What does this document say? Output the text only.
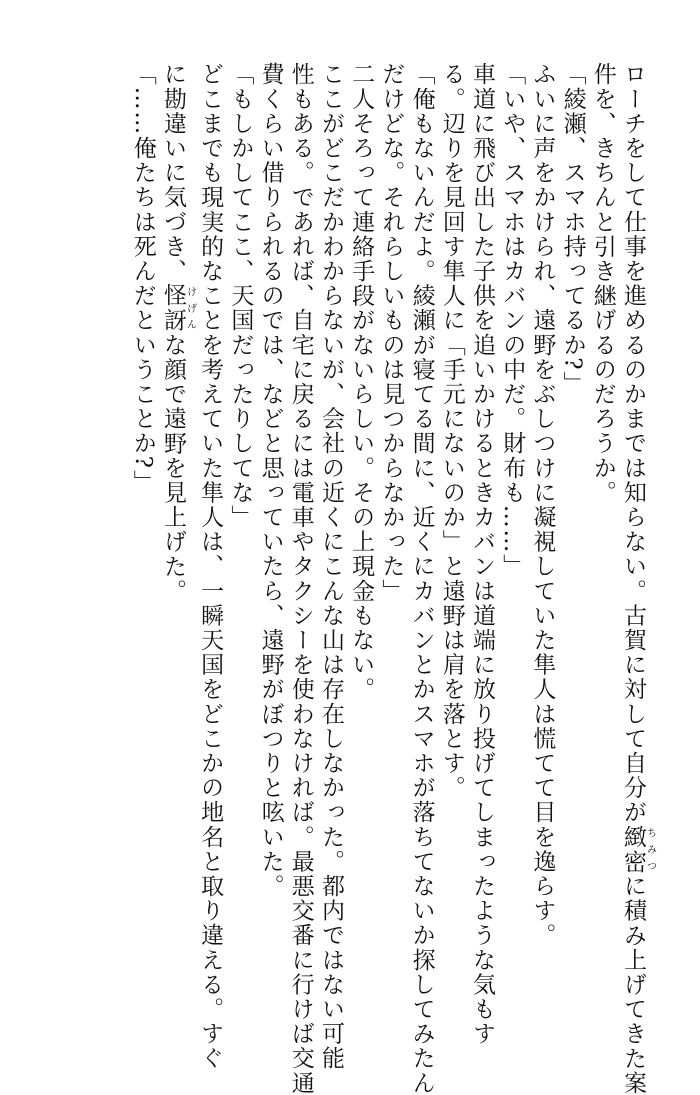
ローチをして仕事を進めるのかまでは知らない。古賀に対して自分が緻密ちみつに積み上げてきた案
件を、きちんと引き継げるのだろうか。
「綾瀬、スマホ持ってるか?」
ふいに声をかけられ、遠野をぶしつけに凝視していた隼人は慌てて目を逸らす。
「いや、スマホはカバンの中だ。財布も……」
車道に飛び出した子供を追いかけるときカバンは道端に放り投げてしまったような気もす
る。辺りを見回す隼人に「手元にないのか」と遠野は肩を落とす。
「俺もないんだよ。綾瀬が寝てる間に、近くにカバンとかスマホが落ちてないか探してみたん
だけどな。それらしいものは見つからなかった」
二人そろって連絡手段がないらしい。その上現金もない。
ここがどこだかわからないが、会社の近くにこんな山は存在しなかった。都内ではない可能
性もある。であれば、自宅に戻るには電車やタクシーを使わなければ。最悪交番に行けば交通
費くらい借りられるのでは、などと思っていたら、遠野がぼつりと呟いた。
「もしかしてここ、天国だったりしてな」
どこまでも現実的なことを考えていた隼人は、一瞬天国をどこかの地名と取り違える。すぐ
に勘違いに気づき、怪訝けげんな顔で遠野を見上げた。
「……俺たちは死んだということか?」
